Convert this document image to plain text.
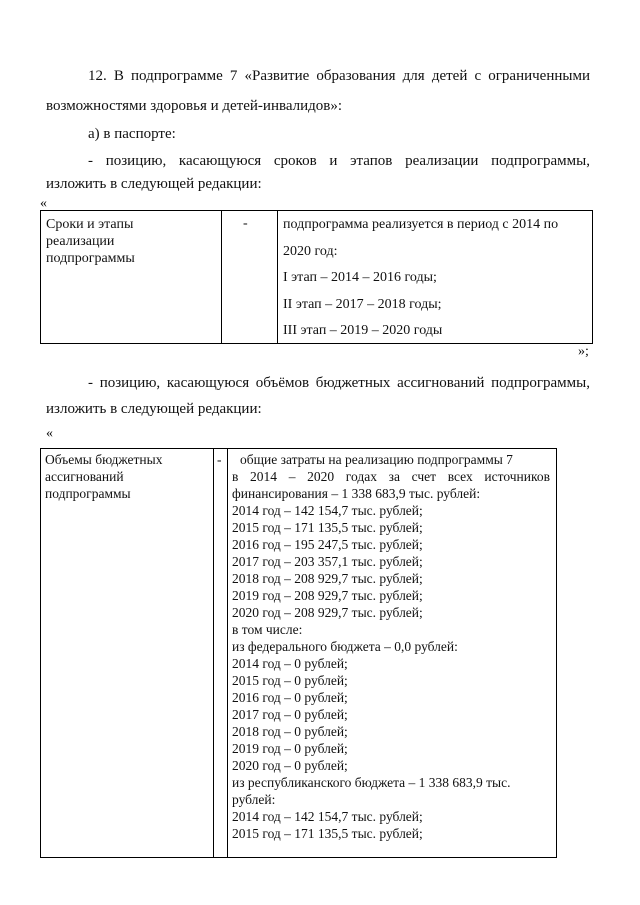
12. В подпрограмме 7 «Развитие образования для детей с ограниченными
возможностями здоровья и детей-инвалидов»:
а) в паспорте:
- позицию, касающуюся сроков и этапов реализации подпрограммы,
изложить в следующей редакции:
«
Сроки и этапы
реализации
подпрограммы
-	подпрограмма реализуется в период с 2014 по
2020 год:
I этап – 2014 – 2016 годы;
II этап – 2017 – 2018 годы;
III этап – 2019 – 2020 годы
»;
- позицию, касающуюся объёмов бюджетных ассигнований подпрограммы,
изложить в следующей редакции:
«
Объемы бюджетных
ассигнований
подпрограммы
-	общие затраты на реализацию подпрограммы 7
в 2014 – 2020 годах за счет всех источников
финансирования – 1 338 683,9 тыс. рублей:
2014 год – 142 154,7 тыс. рублей;
2015 год – 171 135,5 тыс. рублей;
2016 год – 195 247,5 тыс. рублей;
2017 год – 203 357,1 тыс. рублей;
2018 год – 208 929,7 тыс. рублей;
2019 год – 208 929,7 тыс. рублей;
2020 год – 208 929,7 тыс. рублей;
в том числе:
из федерального бюджета – 0,0 рублей:
2014 год – 0 рублей;
2015 год – 0 рублей;
2016 год – 0 рублей;
2017 год – 0 рублей;
2018 год – 0 рублей;
2019 год – 0 рублей;
2020 год – 0 рублей;
из республиканского бюджета – 1 338 683,9 тыс.
рублей:
2014 год – 142 154,7 тыс. рублей;
2015 год – 171 135,5 тыс. рублей;
